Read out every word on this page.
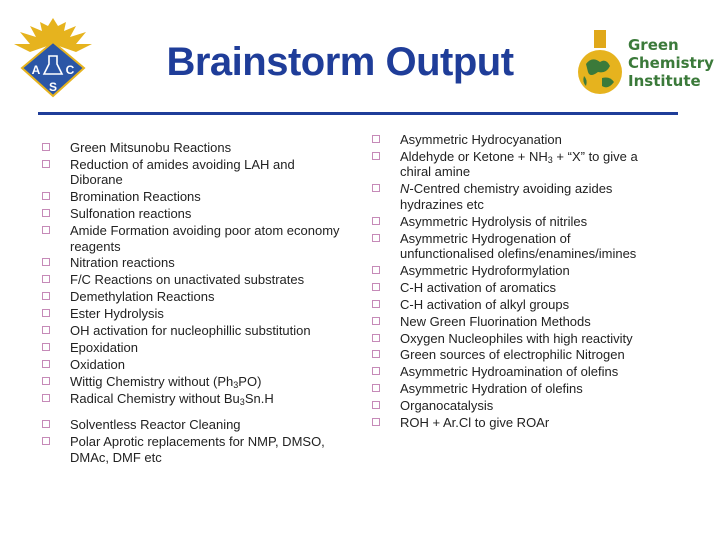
A C
S
Brainstorm Output	Green
Chemistry
Institute
Green Mitsunobu Reactions
Reduction of amides avoiding LAH and Diborane
Bromination Reactions
Sulfonation reactions
Amide Formation avoiding poor atom economy reagents
Nitration reactions
F/C Reactions on unactivated substrates
Demethylation Reactions
Ester Hydrolysis
OH activation for nucleophillic substitution
Epoxidation
Oxidation
Wittig Chemistry without $(Ph_3PO)$
Radical Chemistry without $Bu_3Sn.H$
Solventless Reactor Cleaning
Polar Aprotic replacements for NMP, DMSO, DMAc, DMF etc
Asymmetric Hydrocyanation
Aldehyde or Ketone + $NH_3$ + “X” to give a chiral amine
N-Centred chemistry avoiding azides hydrazines etc
Asymmetric Hydrolysis of nitriles
Asymmetric Hydrogenation of unfunctionalised olefins/enamines/imines
Asymmetric Hydroformylation
C-H activation of aromatics
C-H activation of alkyl groups
New Green Fluorination Methods
Oxygen Nucleophiles with high reactivity
Green sources of electrophilic Nitrogen
Asymmetric Hydroamination of olefins
Asymmetric Hydration of olefins
Organocatalysis
ROH + Ar.Cl to give ROAr
